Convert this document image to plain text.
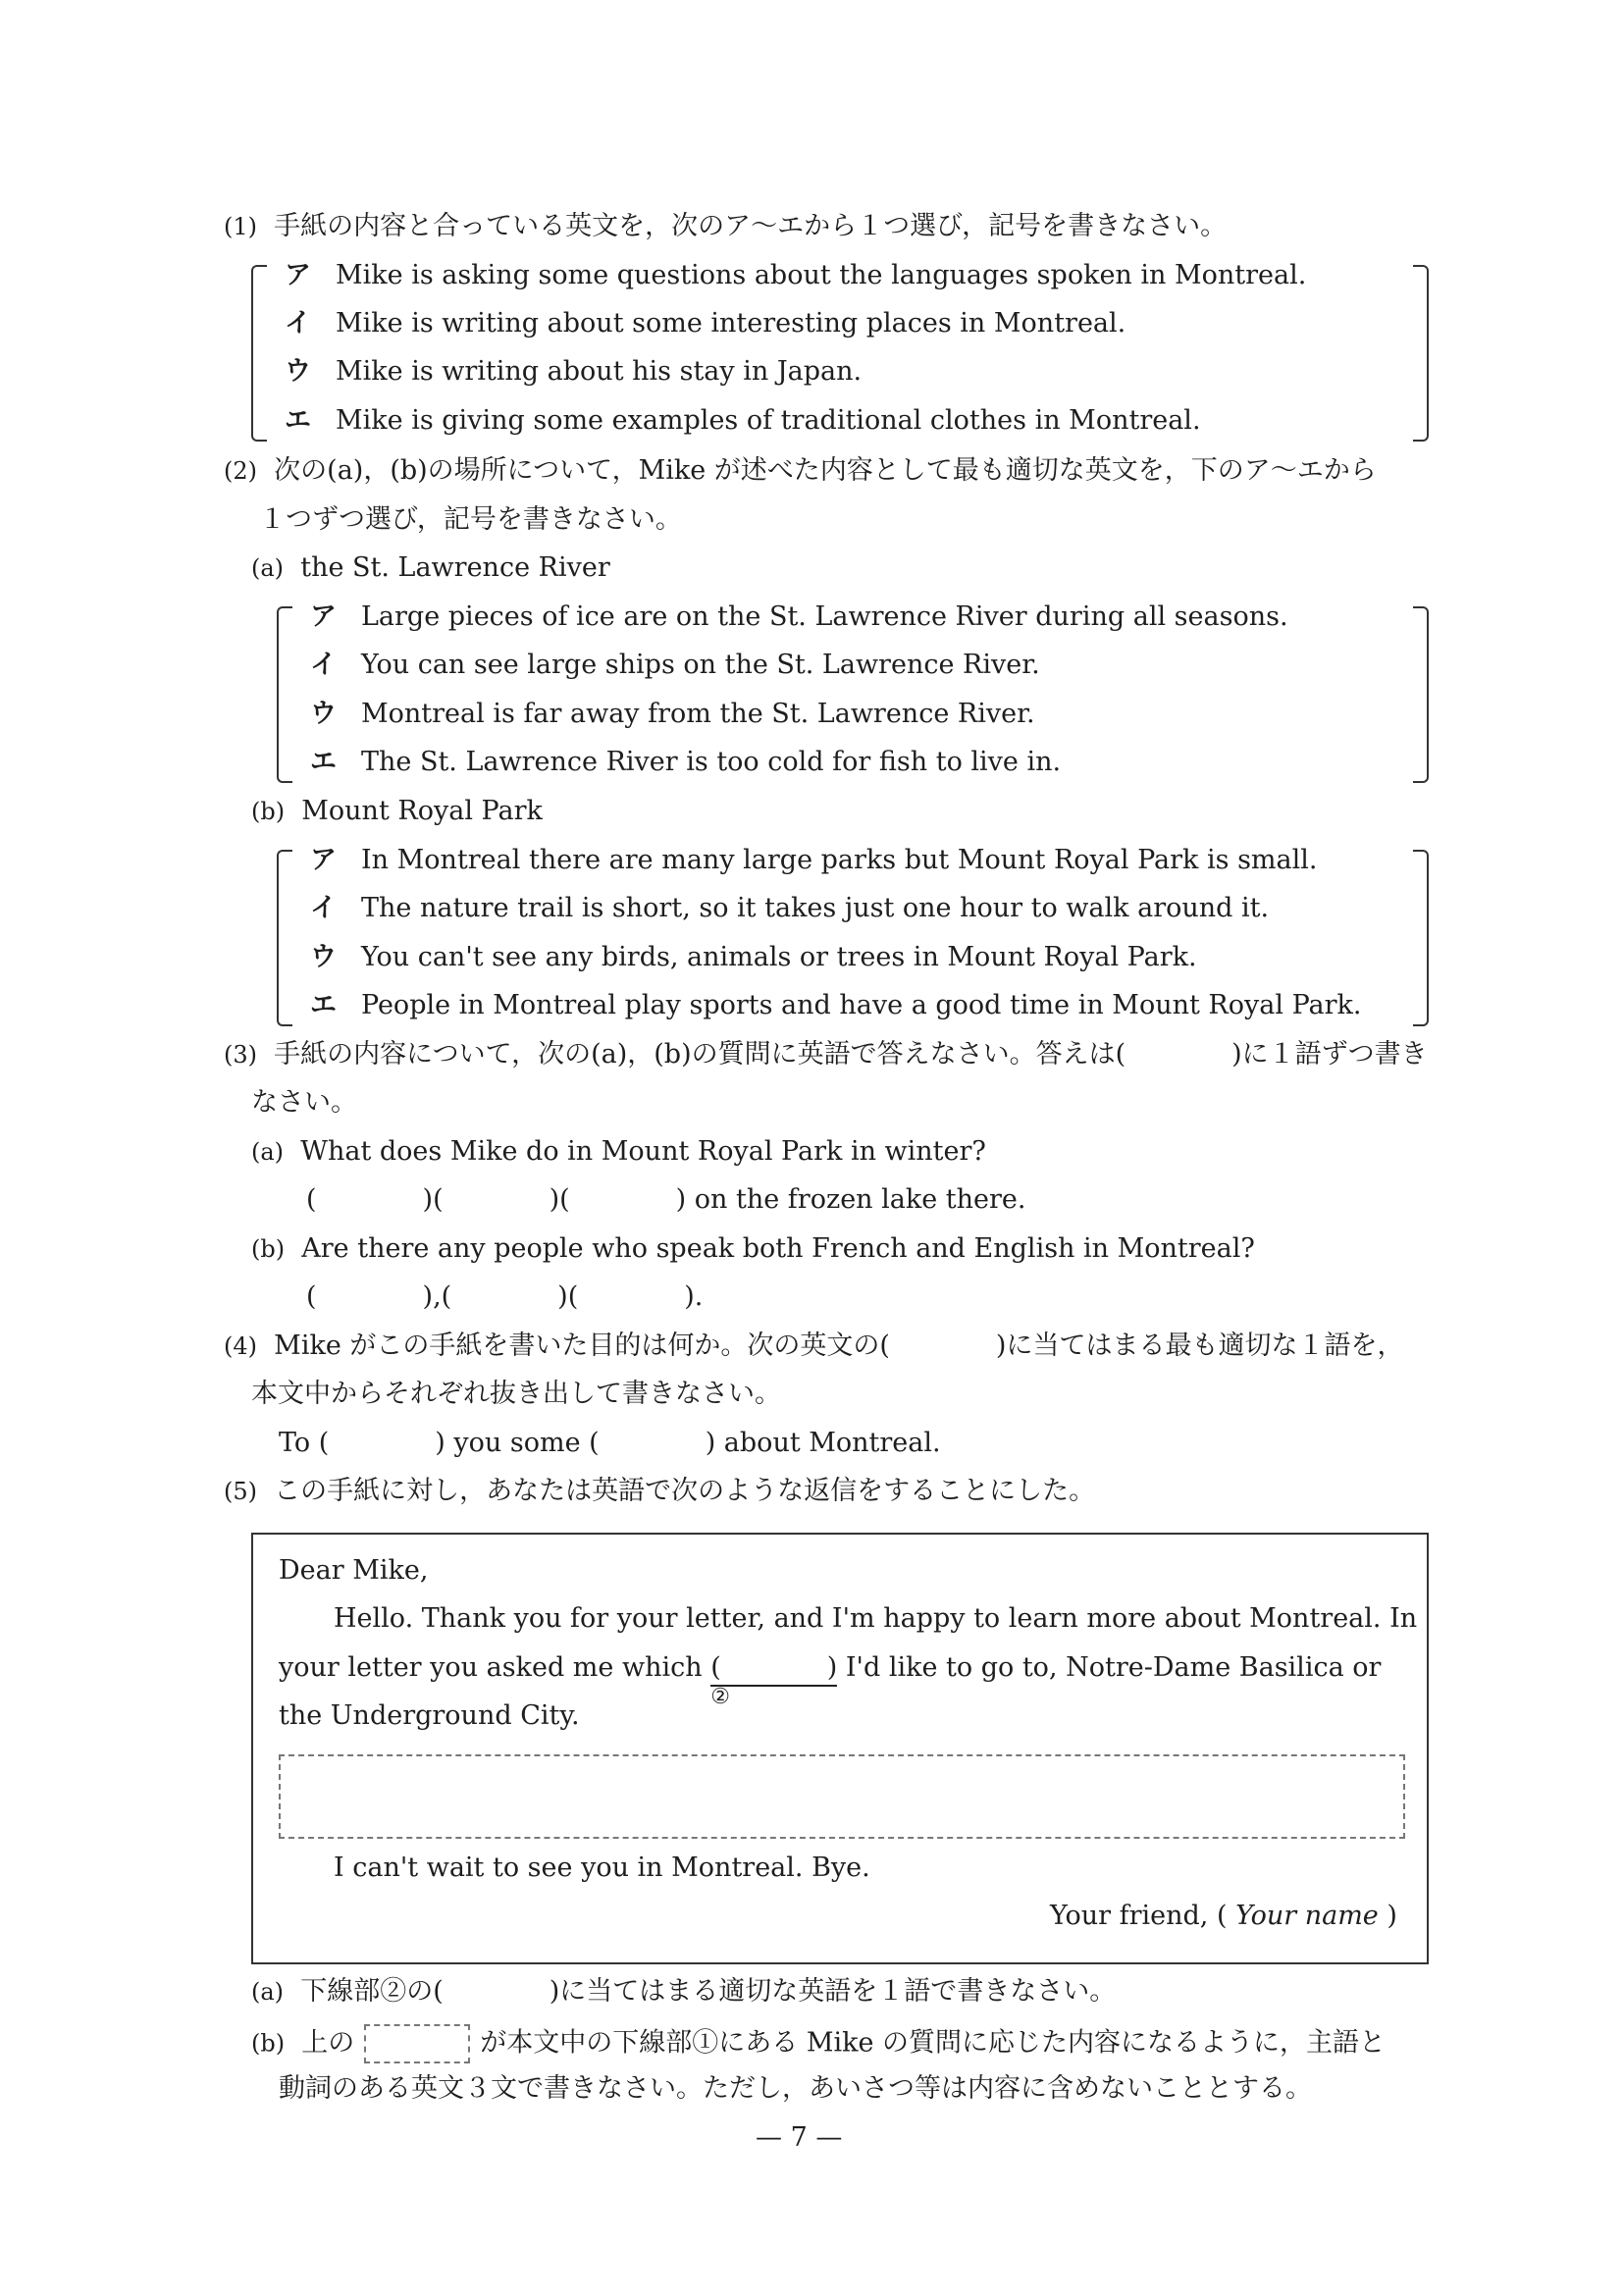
(1) 手紙の内容と合っている英文を，次のア～エから１つ選び，記号を書きなさい。
ア Mike is asking some questions about the languages spoken in Montreal.
イ Mike is writing about some interesting places in Montreal.
ウ Mike is writing about his stay in Japan.
エ Mike is giving some examples of traditional clothes in Montreal.
(2) 次の(a)，(b)の場所について，Mike が述べた内容として最も適切な英文を，下のア～エから
１つずつ選び，記号を書きなさい。
(a) the St. Lawrence River
ア Large pieces of ice are on the St. Lawrence River during all seasons.
イ You can see large ships on the St. Lawrence River.
ウ Montreal is far away from the St. Lawrence River.
エ The St. Lawrence River is too cold for fish to live in.
(b) Mount Royal Park
ア In Montreal there are many large parks but Mount Royal Park is small.
イ The nature trail is short, so it takes just one hour to walk around it.
ウ You can't see any birds, animals or trees in Mount Royal Park.
エ People in Montreal play sports and have a good time in Mount Royal Park.
(3) 手紙の内容について，次の(a)，(b)の質問に英語で答えなさい。答えは(　　　　)に１語ずつ書き
なさい。
(a) What does Mike do in Mount Royal Park in winter?
(　　　　)(　　　　)(　　　　) on the frozen lake there.
(b) Are there any people who speak both French and English in Montreal?
(　　　　),(　　　　)(　　　　).
(4) Mike がこの手紙を書いた目的は何か。次の英文の(　　　　)に当てはまる最も適切な１語を，
本文中からそれぞれ抜き出して書きなさい。
To (　　　　) you some (　　　　) about Montreal.
(5) この手紙に対し，あなたは英語で次のような返信をすることにした。
Dear Mike,
Hello. Thank you for your letter, and I'm happy to learn more about Montreal. In
your letter you asked me which (　　　　)
②
I'd like to go to, Notre-Dame Basilica or
the Underground City.
I can't wait to see you in Montreal. Bye.
Your friend, ( Your name )
(a) 下線部②の(　　　　)に当てはまる適切な英語を１語で書きなさい。
(b) 上の	が本文中の下線部①にある Mike の質問に応じた内容になるように，主語と
動詞のある英文３文で書きなさい。ただし，あいさつ等は内容に含めないこととする。
— 7 —
